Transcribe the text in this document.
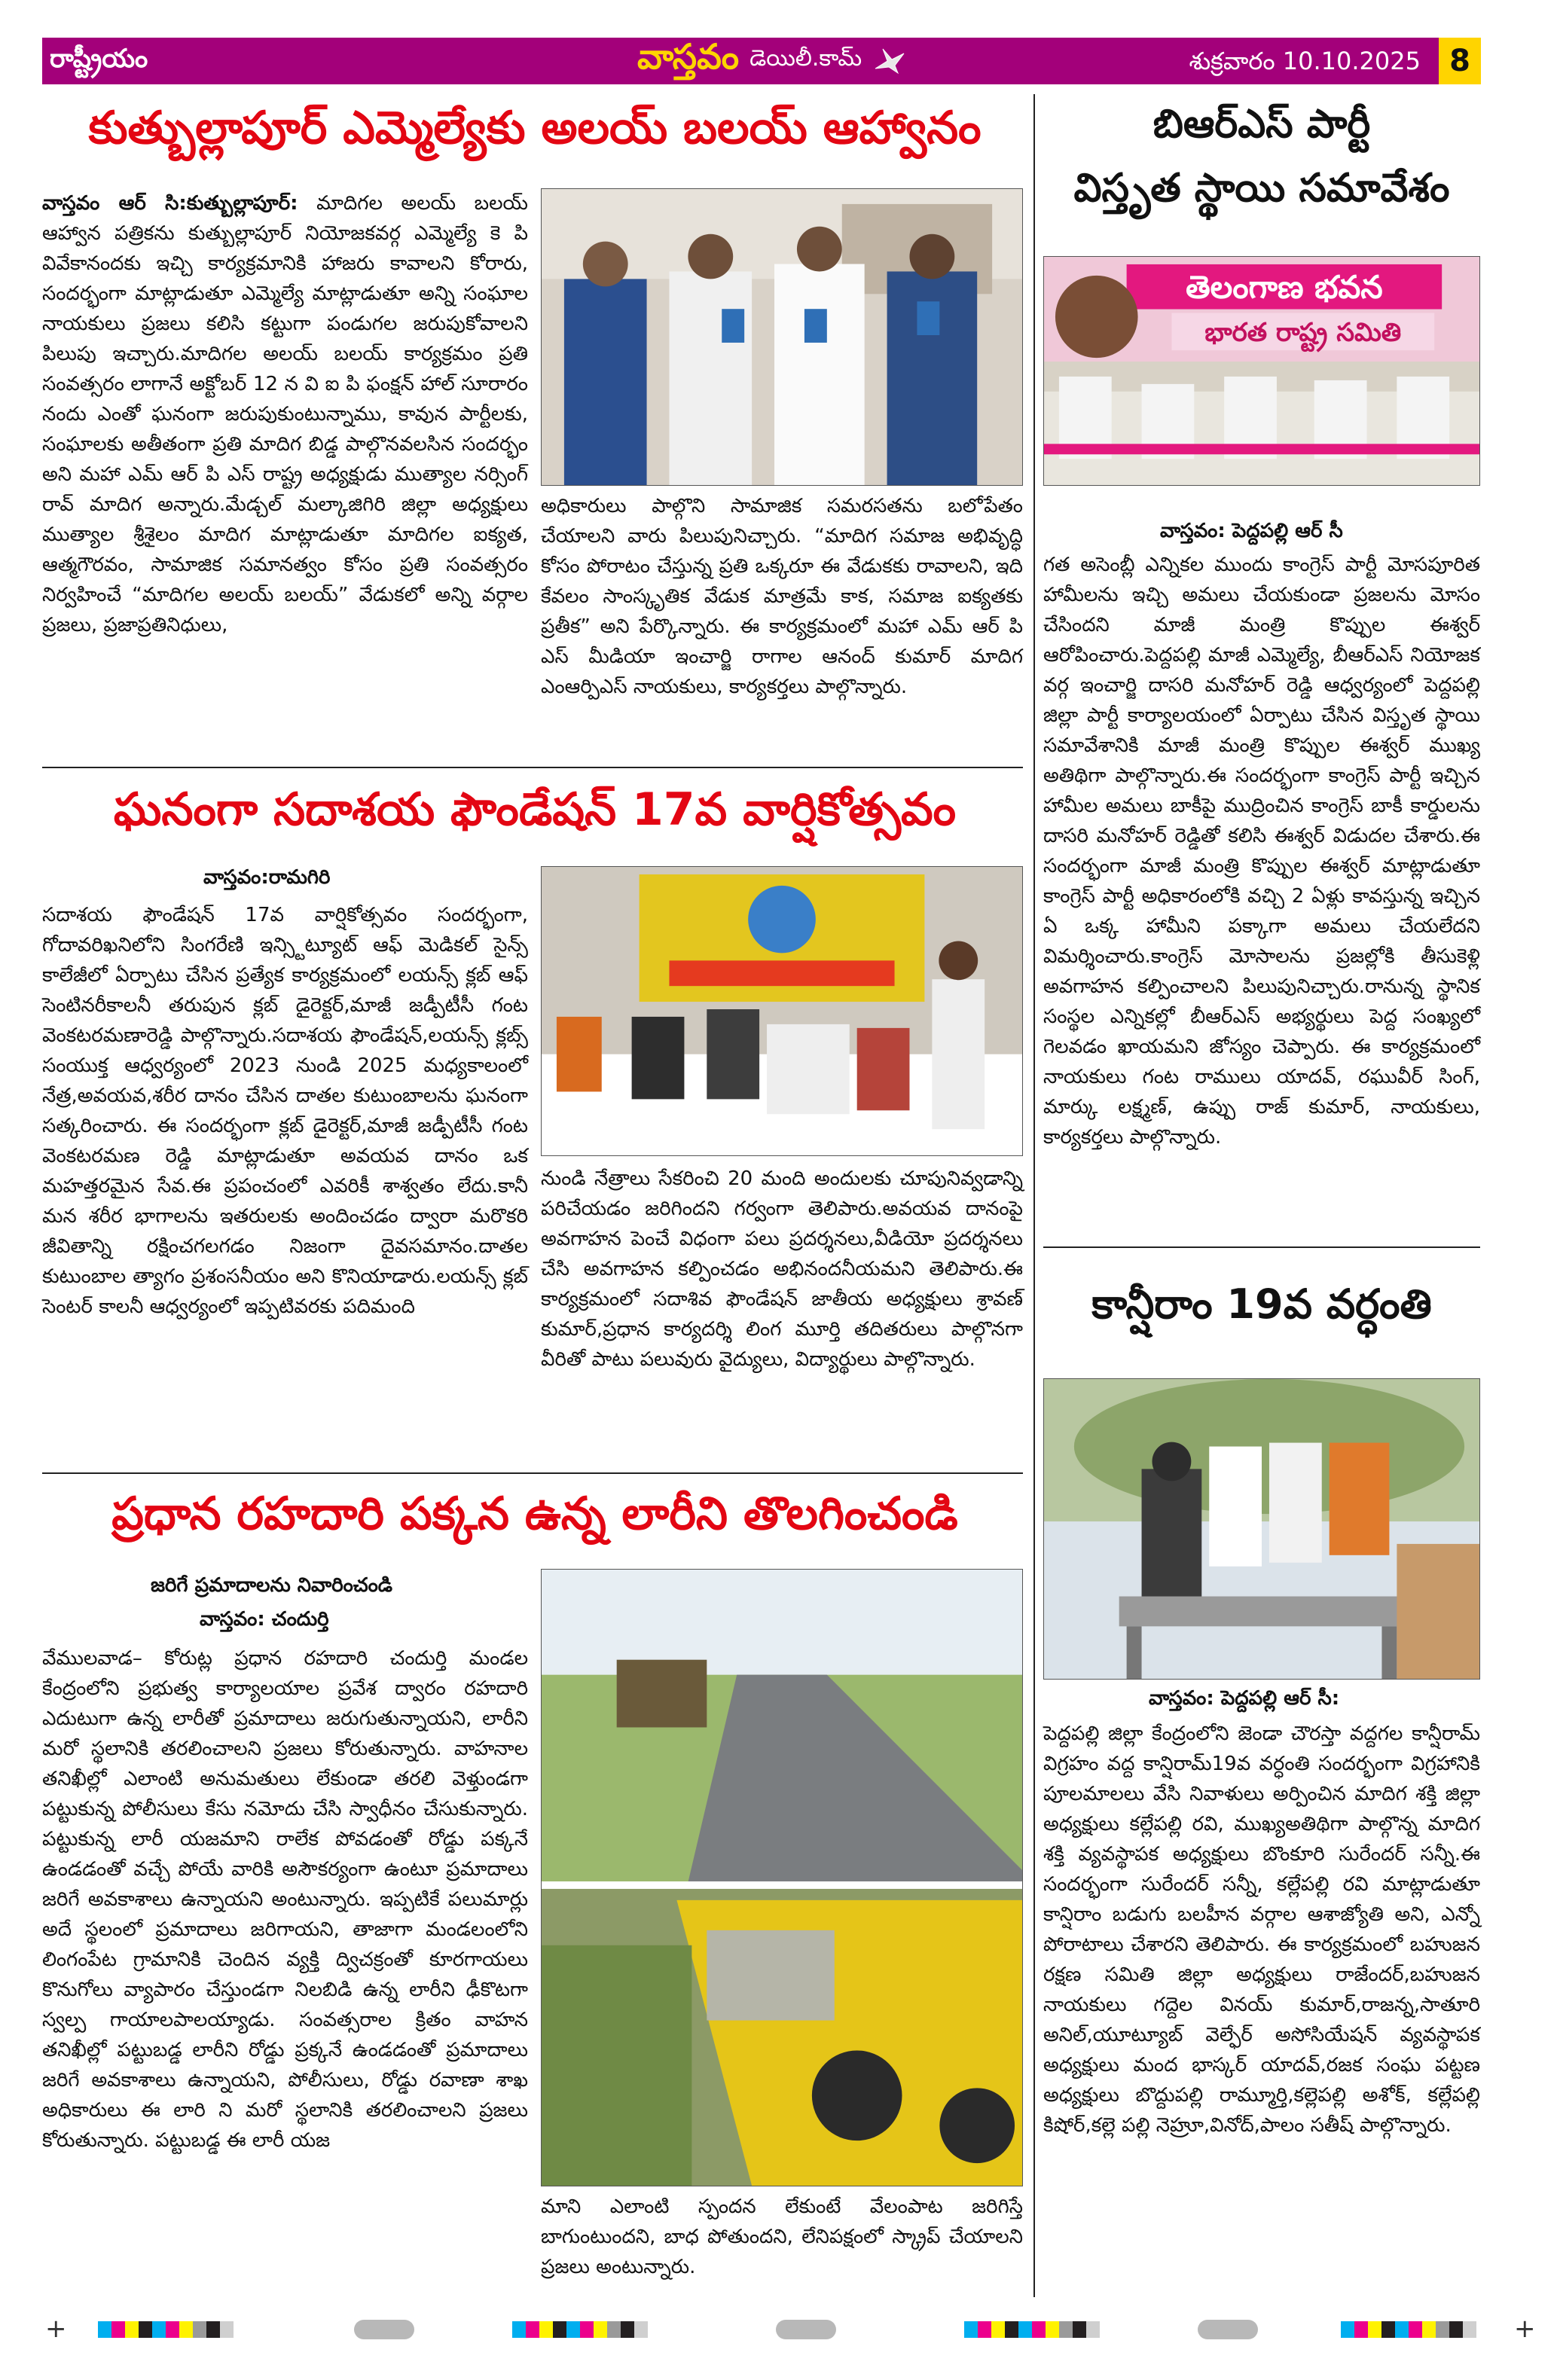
రాష్ట్రీయం	వాస్తవం డెయిలీ.కామ్	శుక్రవారం 10.10.2025 8
కుత్బుల్లాపూర్ ఎమ్మెల్యేకు అలయ్ బలయ్ ఆహ్వానం
వాస్తవం ఆర్ సి:కుత్బుల్లాపూర్: మాదిగల అలయ్ బలయ్ ఆహ్వాన పత్రికను కుత్బుల్లాపూర్ నియోజకవర్గ ఎమ్మెల్యే కె పి వివేకానందకు ఇచ్చి కార్యక్రమానికి హాజరు కావాలని కోరారు, సందర్భంగా మాట్లాడుతూ ఎమ్మెల్యే మాట్లాడుతూ అన్ని సంఘాల నాయకులు ప్రజలు కలిసి కట్టుగా పండుగల జరుపుకోవాలని పిలుపు ఇచ్చారు.మాదిగల అలయ్ బలయ్ కార్యక్రమం ప్రతి సంవత్సరం లాగానే అక్టోబర్ 12 న వి ఐ పి ఫంక్షన్ హాల్ సూరారం నందు ఎంతో ఘనంగా జరుపుకుంటున్నాము, కావున పార్టీలకు, సంఘాలకు అతీతంగా ప్రతి మాదిగ బిడ్డ పాల్గొనవలసిన సందర్భం అని మహా ఎమ్ ఆర్ పి ఎస్ రాష్ట్ర అధ్యక్షుడు ముత్యాల నర్సింగ్ రావ్ మాదిగ అన్నారు.మేడ్చల్ మల్కాజిగిరి జిల్లా అధ్యక్షులు ముత్యాల శ్రీశైలం మాదిగ మాట్లాడుతూ మాదిగల ఐక్యత, ఆత్మగౌరవం, సామాజిక సమానత్వం కోసం ప్రతి సంవత్సరం నిర్వహించే “మాదిగల అలయ్ బలయ్” వేడుకలో అన్ని వర్గాల ప్రజలు, ప్రజాప్రతినిధులు,
అధికారులు పాల్గొని సామాజిక సమరసతను బలోపేతం చేయాలని వారు పిలుపునిచ్చారు. “మాదిగ సమాజ అభివృద్ధి కోసం పోరాటం చేస్తున్న ప్రతి ఒక్కరూ ఈ వేడుకకు రావాలని, ఇది కేవలం సాంస్కృతిక వేడుక మాత్రమే కాక, సమాజ ఐక్యతకు ప్రతీక” అని పేర్కొన్నారు. ఈ కార్యక్రమంలో మహా ఎమ్ ఆర్ పి ఎస్ మీడియా ఇంచార్జి రాగాల ఆనంద్ కుమార్ మాదిగ ఎంఆర్పిఎస్ నాయకులు, కార్యకర్తలు పాల్గొన్నారు.
ఘనంగా సదాశయ ఫౌండేషన్ 17వ వార్షికోత్సవం
వాస్తవం:రామగిరి
సదాశయ ఫౌండేషన్ 17వ వార్షికోత్సవం సందర్భంగా, గోదావరిఖనిలోని సింగరేణి ఇన్స్టిట్యూట్ ఆఫ్ మెడికల్ సైన్స్ కాలేజీలో ఏర్పాటు చేసిన ప్రత్యేక కార్యక్రమంలో లయన్స్ క్లబ్ ఆఫ్ సెంటినరీకాలనీ తరుపున క్లబ్ డైరెక్టర్,మాజీ జడ్పీటీసీ గంట వెంకటరమణారెడ్డి పాల్గొన్నారు.సదాశయ ఫౌండేషన్,లయన్స్ క్లబ్స్ సంయుక్త ఆధ్వర్యంలో 2023 నుండి 2025 మధ్యకాలంలో నేత్ర,అవయవ,శరీర దానం చేసిన దాతల కుటుంబాలను ఘనంగా సత్కరించారు. ఈ సందర్భంగా క్లబ్ డైరెక్టర్,మాజీ జడ్పీటీసీ గంట వెంకటరమణ రెడ్డి మాట్లాడుతూ అవయవ దానం ఒక మహత్తరమైన సేవ.ఈ ప్రపంచంలో ఎవరికీ శాశ్వతం లేదు.కానీ మన శరీర భాగాలను ఇతరులకు అందించడం ద్వారా మరొకరి జీవితాన్ని రక్షించగలగడం నిజంగా దైవసమానం.దాతల కుటుంబాల త్యాగం ప్రశంసనీయం అని కొనియాడారు.లయన్స్ క్లబ్ సెంటర్ కాలనీ ఆధ్వర్యంలో ఇప్పటివరకు పదిమంది
నుండి నేత్రాలు సేకరించి 20 మంది అందులకు చూపునివ్వడాన్ని పరిచేయడం జరిగిందని గర్వంగా తెలిపారు.అవయవ దానంపై అవగాహన పెంచే విధంగా పలు ప్రదర్శనలు,వీడియో ప్రదర్శనలు చేసి అవగాహన కల్పించడం అభినందనీయమని తెలిపారు.ఈ కార్యక్రమంలో సదాశివ ఫౌండేషన్ జాతీయ అధ్యక్షులు శ్రావణ్ కుమార్,ప్రధాన కార్యదర్శి లింగ మూర్తి తదితరులు పాల్గొనగా వీరితో పాటు పలువురు వైద్యులు, విద్యార్థులు పాల్గొన్నారు.
ప్రధాన రహదారి పక్కన ఉన్న లారీని తొలగించండి
జరిగే ప్రమాదాలను నివారించండి
వాస్తవం: చందుర్తి
వేములవాడ– కోరుట్ల ప్రధాన రహదారి చందుర్తి మండల కేంద్రంలోని ప్రభుత్వ కార్యాలయాల ప్రవేశ ద్వారం రహదారి ఎదుటుగా ఉన్న లారీతో ప్రమాదాలు జరుగుతున్నాయని, లారీని మరో స్థలానికి తరలించాలని ప్రజలు కోరుతున్నారు. వాహనాల తనిఖీల్లో ఎలాంటి అనుమతులు లేకుండా తరలి వెళ్తుండగా పట్టుకున్న పోలీసులు కేసు నమోదు చేసి స్వాధీనం చేసుకున్నారు. పట్టుకున్న లారీ యజమాని రాలేక పోవడంతో రోడ్డు పక్కనే ఉండడంతో వచ్చే పోయే వారికి అసౌకర్యంగా ఉంటూ ప్రమాదాలు జరిగే అవకాశాలు ఉన్నాయని అంటున్నారు. ఇప్పటికే పలుమార్లు అదే స్థలంలో ప్రమాదాలు జరిగాయని, తాజాగా మండలంలోని లింగంపేట గ్రామానికి చెందిన వ్యక్తి ద్విచక్రంతో కూరగాయలు కొనుగోలు వ్యాపారం చేస్తుండగా నిలబిడి ఉన్న లారీని ఢీకొటగా స్వల్ప గాయాలపాలయ్యాడు. సంవత్సరాల క్రితం వాహన తనిఖీల్లో పట్టుబడ్డ లారీని రోడ్డు ప్రక్కనే ఉండడంతో ప్రమాదాలు జరిగే అవకాశాలు ఉన్నాయని, పోలీసులు, రోడ్డు రవాణా శాఖ అధికారులు ఈ లారి ని మరో స్థలానికి తరలించాలని ప్రజలు కోరుతున్నారు. పట్టుబడ్డ ఈ లారీ యజ
మాని ఎలాంటి స్పందన లేకుంటే వేలంపాట జరిగిస్తే బాగుంటుందని, బాధ పోతుందని, లేనిపక్షంలో స్క్రాప్ చేయాలని ప్రజలు అంటున్నారు.
బిఆర్ఎస్ పార్టీ
విస్తృత స్థాయి సమావేశం
తెలంగాణ భవన
భారత రాష్ట్ర సమితి
వాస్తవం: పెద్దపల్లి ఆర్ సీ
గత అసెంబ్లీ ఎన్నికల ముందు కాంగ్రెస్ పార్టీ మోసపూరిత హామీలను ఇచ్చి అమలు చేయకుండా ప్రజలను మోసం చేసిందని మాజీ మంత్రి కొప్పుల ఈశ్వర్ ఆరోపించారు.పెద్దపల్లి మాజీ ఎమ్మెల్యే, బీఆర్ఎస్ నియోజక వర్గ ఇంచార్జి దాసరి మనోహర్ రెడ్డి ఆధ్వర్యంలో పెద్దపల్లి జిల్లా పార్టీ కార్యాలయంలో ఏర్పాటు చేసిన విస్తృత స్థాయి సమావేశానికి మాజీ మంత్రి కొప్పుల ఈశ్వర్ ముఖ్య అతిథిగా పాల్గొన్నారు.ఈ సందర్భంగా కాంగ్రెస్ పార్టీ ఇచ్చిన హామీల అమలు బాకీపై ముద్రించిన కాంగ్రెస్ బాకీ కార్డులను దాసరి మనోహర్ రెడ్డితో కలిసి ఈశ్వర్ విడుదల చేశారు.ఈ సందర్భంగా మాజీ మంత్రి కొప్పుల ఈశ్వర్ మాట్లాడుతూ కాంగ్రెస్ పార్టీ అధికారంలోకి వచ్చి 2 ఏళ్లు కావస్తున్న ఇచ్చిన ఏ ఒక్క హామీని పక్కాగా అమలు చేయలేదని విమర్శించారు.కాంగ్రెస్ మోసాలను ప్రజల్లోకి తీసుకెళ్లి అవగాహన కల్పించాలని పిలుపునిచ్చారు.రానున్న స్థానిక సంస్థల ఎన్నికల్లో బీఆర్ఎస్ అభ్యర్థులు పెద్ద సంఖ్యలో గెలవడం ఖాయమని జోస్యం చెప్పారు. ఈ కార్యక్రమంలో నాయకులు గంట రాములు యాదవ్, రఘువీర్ సింగ్, మార్కు లక్ష్మణ్, ఉప్పు రాజ్ కుమార్, నాయకులు, కార్యకర్తలు పాల్గొన్నారు.
కాన్షీరాం 19వ వర్ధంతి
వాస్తవం: పెద్దపల్లి ఆర్ సీ:
పెద్దపల్లి జిల్లా కేంద్రంలోని జెండా చౌరస్తా వద్దగల కాన్షీరామ్ విగ్రహం వద్ద కాన్షిరామ్19వ వర్ధంతి సందర్భంగా విగ్రహానికి పూలమాలలు వేసి నివాళులు అర్పించిన మాదిగ శక్తి జిల్లా అధ్యక్షులు కల్లేపల్లి రవి, ముఖ్యఅతిథిగా పాల్గొన్న మాదిగ శక్తి వ్యవస్థాపక అధ్యక్షులు బొంకూరి సురేందర్ సన్నీ.ఈ సందర్భంగా సురేందర్ సన్నీ, కల్లేపల్లి రవి మాట్లాడుతూ కాన్షిరాం బడుగు బలహీన వర్గాల ఆశాజ్యోతి అని, ఎన్నో పోరాటాలు చేశారని తెలిపారు. ఈ కార్యక్రమంలో బహుజన రక్షణ సమితి జిల్లా అధ్యక్షులు రాజేందర్,బహుజన నాయకులు గద్దెల వినయ్ కుమార్,రాజన్న,సాతూరి అనిల్,యూట్యూబ్ వెల్ఫేర్ అసోసియేషన్ వ్యవస్థాపక అధ్యక్షులు మంద భాస్కర్ యాదవ్,రజక సంఘ పట్టణ అధ్యక్షులు బొద్దుపల్లి రామ్మూర్తి,కల్లెపల్లి అశోక్, కల్లేపల్లి కిషోర్,కల్లె పల్లి నెహ్రూ,వినోద్,పాలం సతీష్ పాల్గొన్నారు.
+	+
